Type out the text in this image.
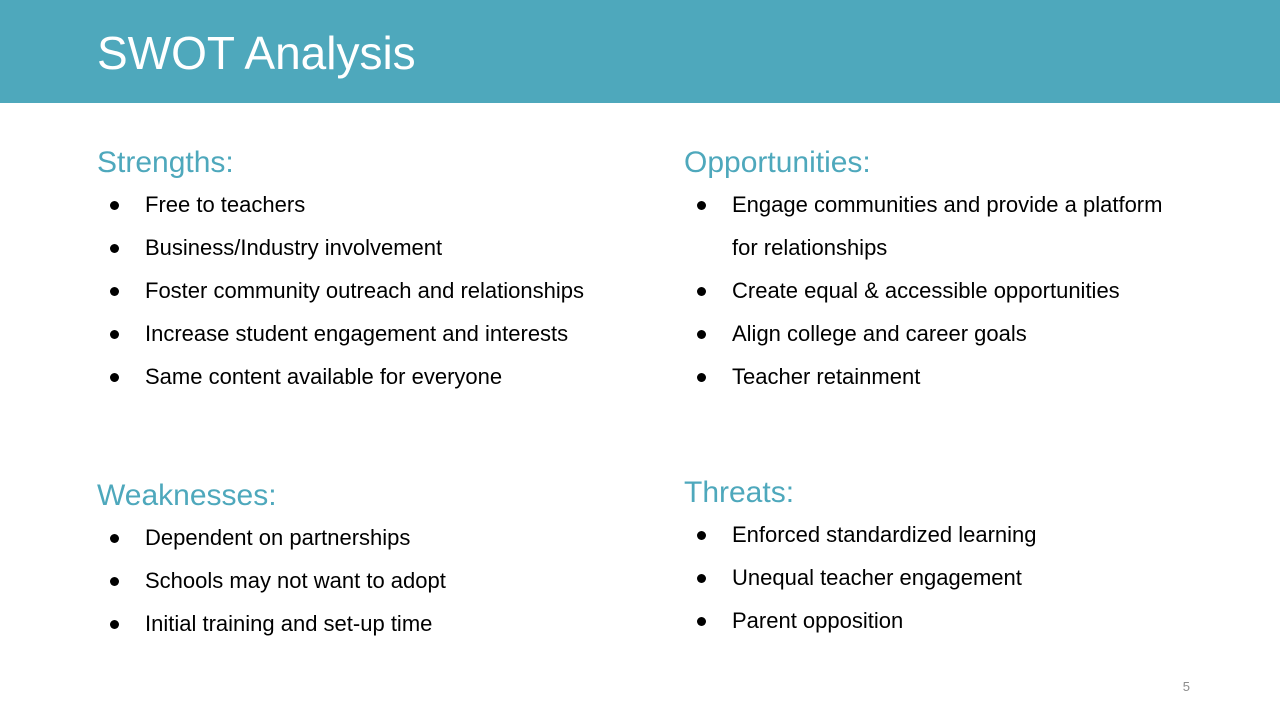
SWOT Analysis
Strengths:
Free to teachers
Business/Industry involvement
Foster community outreach and relationships
Increase student engagement and interests
Same content available for everyone
Opportunities:
Engage communities and provide a platform for relationships
Create equal & accessible opportunities
Align college and career goals
Teacher retainment
Weaknesses:
Dependent on partnerships
Schools may not want to adopt
Initial training and set-up time
Threats:
Enforced standardized learning
Unequal teacher engagement
Parent opposition
5
